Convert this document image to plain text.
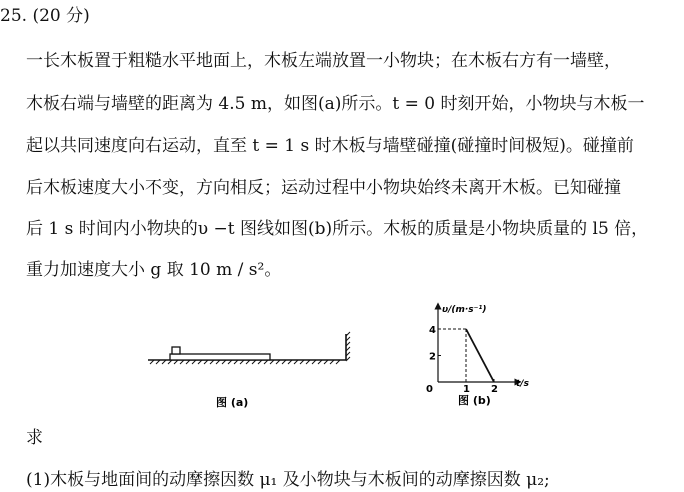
25. (20 分)
一长木板置于粗糙水平地面上，木板左端放置一小物块；在木板右方有一墙壁，
木板右端与墙壁的距离为 4.5 m，如图(a)所示。t = 0 时刻开始，小物块与木板一
起以共同速度向右运动，直至 t = 1 s 时木板与墙壁碰撞(碰撞时间极短)。碰撞前
后木板速度大小不变，方向相反；运动过程中小物块始终未离开木板。已知碰撞
后 1 s 时间内小物块的υ −t 图线如图(b)所示。木板的质量是小物块质量的 l5 倍，
重力加速度大小 g 取 10 m / s²。
图 (a)
υ/(m·s⁻¹)
t/s
0	1 2
2
4
图 (b)
求
(1)木板与地面间的动摩擦因数 μ₁ 及小物块与木板间的动摩擦因数 μ₂;
